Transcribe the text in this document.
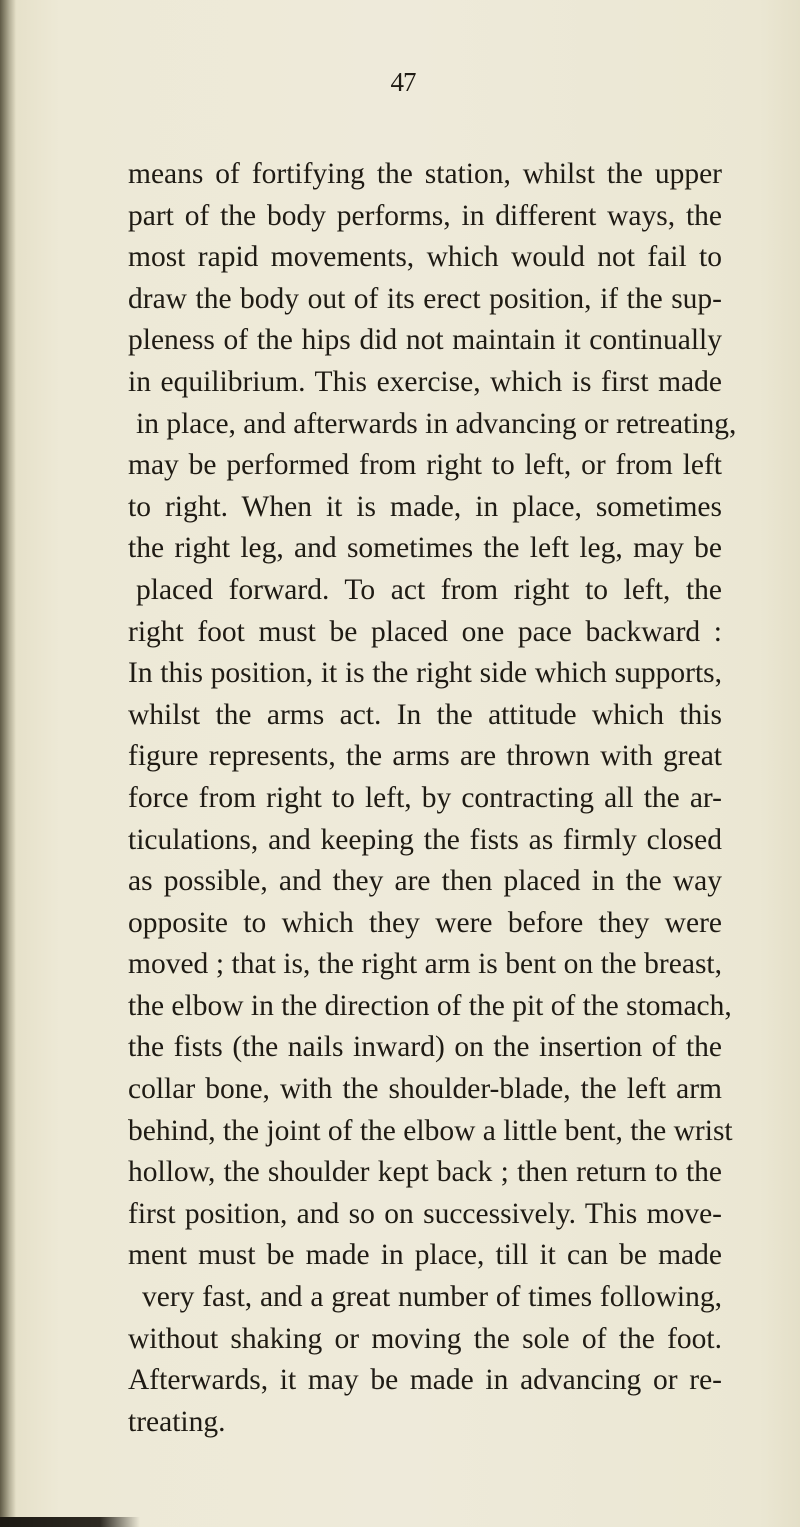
47
means of fortifying the station, whilst the upper
part of the body performs, in different ways, the
most rapid movements, which would not fail to
draw the body out of its erect position, if the sup-
pleness of the hips did not maintain it continually
in equilibrium. This exercise, which is first made
in place, and afterwards in advancing or retreating,
may be performed from right to left, or from left
to right. When it is made, in place, sometimes
the right leg, and sometimes the left leg, may be
placed forward. To act from right to left, the
right foot must be placed one pace backward :
In this position, it is the right side which supports,
whilst the arms act. In the attitude which this
figure represents, the arms are thrown with great
force from right to left, by contracting all the ar-
ticulations, and keeping the fists as firmly closed
as possible, and they are then placed in the way
opposite to which they were before they were
moved ; that is, the right arm is bent on the breast,
the elbow in the direction of the pit of the stomach,
the fists (the nails inward) on the insertion of the
collar bone, with the shoulder-blade, the left arm
behind, the joint of the elbow a little bent, the wrist
hollow, the shoulder kept back ; then return to the
first position, and so on successively. This move-
ment must be made in place, till it can be made
very fast, and a great number of times following,
without shaking or moving the sole of the foot.
Afterwards, it may be made in advancing or re-
treating.
